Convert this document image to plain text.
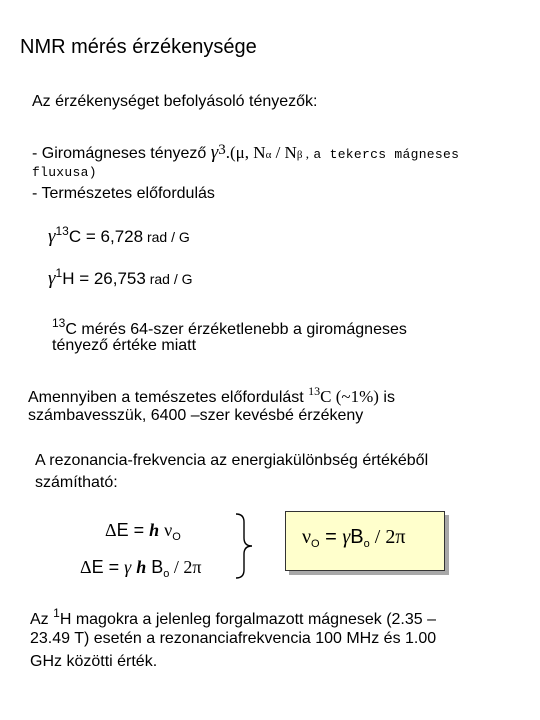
NMR mérés érzékenysége
Az érzékenységet befolyásoló tényezők:
- Giromágneses tényező γ3.(μ, Nα / Nβ , a tekercs mágneses
fluxusa)
- Természetes előfordulás
$\gamma^{13}C = 6,728$ rad / G
$\gamma^1H = 26,753$ rad / G
$^{13}$C mérés 64-szer érzéketlenebb a giromágneses
tényező értéke miatt
Amennyiben a temészetes előfordulást $^{13}$C (~1%) is
számbavesszük, 6400 –szer kevésbé érzékeny
A rezonancia-frekvencia az energiakülönbség értékéből
számítható:
ΔE = h $\nu_O$
ΔE = γ h $B_o / 2\pi$
$\nu_O = \gamma B_o / 2\pi$
Az $^1$H magokra a jelenleg forgalmazott mágnesek (2.35 –
23.49 T) esetén a rezonanciafrekvencia 100 MHz és 1.00
GHz közötti érték.
